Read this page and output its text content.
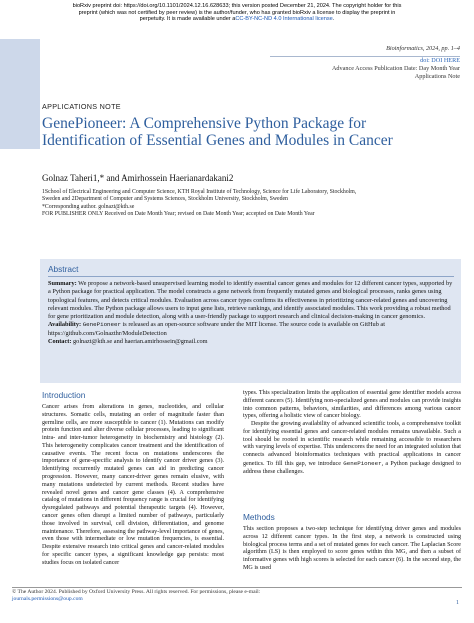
bioRxiv preprint doi: https://doi.org/10.1101/2024.12.16.628633; this version posted December 21, 2024. The copyright holder for this
preprint (which was not certified by peer review) is the author/funder, who has granted bioRxiv a license to display the preprint in
perpetuity. It is made available under aCC-BY-NC-ND 4.0 International license.
Bioinformatics, 2024, pp. 1–4
doi: DOI HERE
Advance Access Publication Date: Day Month Year
Applications Note
APPLICATIONS NOTE
GenePioneer: A Comprehensive Python Package for Identification of Essential Genes and Modules in Cancer
Golnaz Taheri1,* and Amirhossein Haerianardakani2
1School of Electrical Engineering and Computer Science, KTH Royal Institute of Technology, Science for Life Laboratory, Stockholm,
Sweden and 2Department of Computer and Systems Sciences, Stockholm University, Stockholm, Sweden
*Corresponding author. golnazt@kth.se
FOR PUBLISHER ONLY Received on Date Month Year; revised on Date Month Year; accepted on Date Month Year
Abstract
Summary: We propose a network-based unsupervised learning model to identify essential cancer genes and modules for 12 different cancer types, supported by a Python package for practical application. The model constructs a gene network from frequently mutated genes and biological processes, ranks genes using topological features, and detects critical modules. Evaluation across cancer types confirms its effectiveness in prioritizing cancer-related genes and uncovering relevant modules. The Python package allows users to input gene lists, retrieve rankings, and identify associated modules. This work providing a robust method for gene prioritization and module detection, along with a user-friendly package to support research and clinical decision-making in cancer genomics.
Availability: GenePioneer is released as an open-source software under the MIT license. The source code is available on GitHub at https://github.com/Golnazthr/ModuleDetection
Contact: golnazt@kth.se and haerian.amirhossein@gmail.com
Introduction

Cancer arises from alterations in genes, nucleotides, and cellular structures. Somatic cells, mutating an order of magnitude faster than germline cells, are more susceptible to cancer (1). Mutations can modify protein function and alter diverse cellular processes, leading to significant intra- and inter-tumor heterogeneity in biochemistry and histology (2). This heterogeneity complicates cancer treatment and the identification of causative events. The recent focus on mutations underscores the importance of gene-specific analysis to identify cancer driver genes (3). Identifying recurrently mutated genes can aid in predicting cancer progression. However, many cancer-driver genes remain elusive, with many mutations undetected by current methods. Recent studies have revealed novel genes and cancer gene classes (4). A comprehensive catalog of mutations in different frequency range is crucial for identifying dysregulated pathways and potential therapeutic targets (4). However, cancer genes often disrupt a limited number of pathways, particularly those involved in survival, cell division, differentiation, and genome maintenance. Therefore, assessing the pathway-level importance of genes, even those with intermediate or low mutation frequencies, is essential. Despite extensive research into critical genes and cancer-related modules for specific cancer types, a significant knowledge gap persists: most studies focus on isolated cancer

types. This specialization limits the application of essential gene identifier models across different cancers (5). Identifying non-specialized genes and modules can provide insights into common patterns, behaviors, similarities, and differences among various cancer types, offering a holistic view of cancer biology.

Despite the growing availability of advanced scientific tools, a comprehensive toolkit for identifying essential genes and cancer-related modules remains unavailable. Such a tool should be rooted in scientific research while remaining accessible to researchers with varying levels of expertise. This underscores the need for an integrated solution that connects advanced bioinformatics techniques with practical applications in cancer genetics. To fill this gap, we introduce GenePioneer, a Python package designed to address these challenges.

Methods

This section proposes a two-step technique for identifying driver genes and modules across 12 different cancer types. In the first step, a network is constructed using biological process terms and a set of mutated genes for each cancer. The Laplacian Score algorithm (LS) is then employed to score genes within this MG, and then a subset of informative genes with high scores is selected for each cancer (6). In the second step, the MG is used

© The Author 2024. Published by Oxford University Press. All rights reserved. For permissions, please e-mail:
journals.permissions@oup.com
1
